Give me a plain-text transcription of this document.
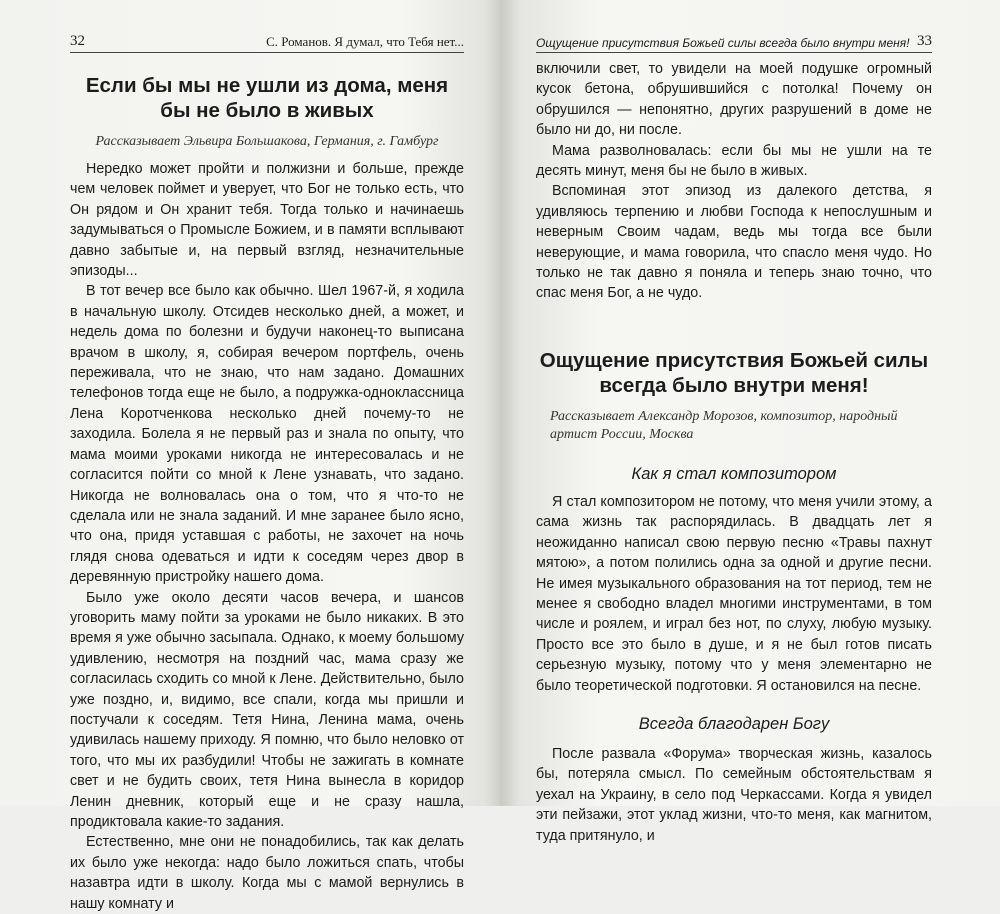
32	С. Романов. Я думал, что Тебя нет...
Если бы мы не ушли из дома, меня бы не было в живых
Рассказывает Эльвира Большакова, Германия, г. Гамбург

Нередко может пройти и полжизни и больше, прежде чем человек поймет и уверует, что Бог не только есть, что Он рядом и Он хранит тебя. Тогда только и начинаешь задумываться о Промысле Божием, и в памяти всплывают давно забытые и, на первый взгляд, незначительные эпизоды...

В тот вечер все было как обычно. Шел 1967-й, я ходила в начальную школу. Отсидев несколько дней, а может, и недель дома по болезни и будучи наконец-то выписана врачом в школу, я, собирая вечером портфель, очень переживала, что не знаю, что нам задано. Домашних телефонов тогда еще не было, а подружка-одноклассница Лена Коротченкова несколько дней почему-то не заходила. Болела я не первый раз и знала по опыту, что мама моими уроками никогда не интересовалась и не согласится пойти со мной к Лене узнавать, что задано. Никогда не волновалась она о том, что я что-то не сделала или не знала заданий. И мне заранее было ясно, что она, придя уставшая с работы, не захочет на ночь глядя снова одеваться и идти к соседям через двор в деревянную пристройку нашего дома.

Было уже около десяти часов вечера, и шансов уговорить маму пойти за уроками не было никаких. В это время я уже обычно засыпала. Однако, к моему большому удивлению, несмотря на поздний час, мама сразу же согласилась сходить со мной к Лене. Действительно, было уже поздно, и, видимо, все спали, когда мы пришли и постучали к соседям. Тетя Нина, Ленина мама, очень удивилась нашему приходу. Я помню, что было неловко от того, что мы их разбудили! Чтобы не зажигать в комнате свет и не будить своих, тетя Нина вынесла в коридор Ленин дневник, который еще и не сразу нашла, продиктовала какие-то задания.

Естественно, мне они не понадобились, так как делать их было уже некогда: надо было ложиться спать, чтобы назавтра идти в школу. Когда мы с мамой вернулись в нашу комнату и

Ощущение присутствия Божьей силы всегда было внутри меня! 33

включили свет, то увидели на моей подушке огромный кусок бетона, обрушившийся с потолка! Почему он обрушился — непонятно, других разрушений в доме не было ни до, ни после.

Мама разволновалась: если бы мы не ушли на те десять минут, меня бы не было в живых.

Вспоминая этот эпизод из далекого детства, я удивляюсь терпению и любви Господа к непослушным и неверным Своим чадам, ведь мы тогда все были неверующие, и мама говорила, что спасло меня чудо. Но только не так давно я поняла и теперь знаю точно, что спас меня Бог, а не чудо.

Ощущение присутствия Божьей силы всегда было внутри меня!
Рассказывает Александр Морозов, композитор, народный артист России, Москва
Как я стал композитором

Я стал композитором не потому, что меня учили этому, а сама жизнь так распорядилась. В двадцать лет я неожиданно написал свою первую песню «Травы пахнут мятою», а потом полились одна за одной и другие песни. Не имея музыкального образования на тот период, тем не менее я свободно владел многими инструментами, в том числе и роялем, и играл без нот, по слуху, любую музыку. Просто все это было в душе, и я не был готов писать серьезную музыку, потому что у меня элементарно не было теоретической подготовки. Я остановился на песне.

Всегда благодарен Богу

После развала «Форума» творческая жизнь, казалось бы, потеряла смысл. По семейным обстоятельствам я уехал на Украину, в село под Черкассами. Когда я увидел эти пейзажи, этот уклад жизни, что-то меня, как магнитом, туда притянуло, и
